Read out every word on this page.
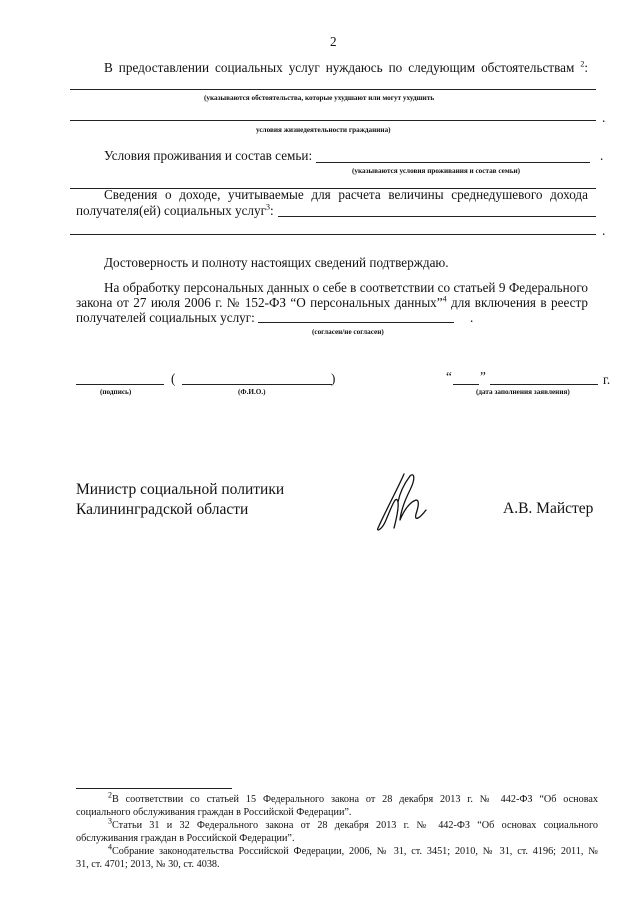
2
В предоставлении социальных услуг нуждаюсь по следующим обстоятельствам $^2$:
(указываются обстоятельства, которые ухудшают или могут ухудшить
.
условия жизнедеятельности гражданина)
Условия проживания и состав семьи:	.
(указываются условия проживания и состав семьи)
Сведения о доходе, учитываемые для расчета величины среднедушевого дохода
получателя(ей) социальных услуг$^3$:
.
Достоверность и полноту настоящих сведений подтверждаю.
На обработку персональных данных о себе в соответствии со статьей 9 Федерального
закона от 27 июля 2006 г. № 152-ФЗ “О персональных данных”$^4$ для включения в реестр
получателей социальных услуг:	.
(согласен/не согласен)
(	)	“ ”	г.
(подпись)	(Ф.И.О.)	(дата заполнения заявления)
Министр социальной политики
Калининградской области	А.В. Майстер
$^2$В соответствии со статьей 15 Федерального закона от 28 декабря 2013 г. № 442-ФЗ “Об основах
социального обслуживания граждан в Российской Федерации”.
$^3$Статьи 31 и 32 Федерального закона от 28 декабря 2013 г. № 442-ФЗ “Об основах социального
обслуживания граждан в Российской Федерации”.
$^4$Собрание законодательства Российской Федерации, 2006, № 31, ст. 3451; 2010, № 31, ст. 4196; 2011, №
31, ст. 4701; 2013, № 30, ст. 4038.
